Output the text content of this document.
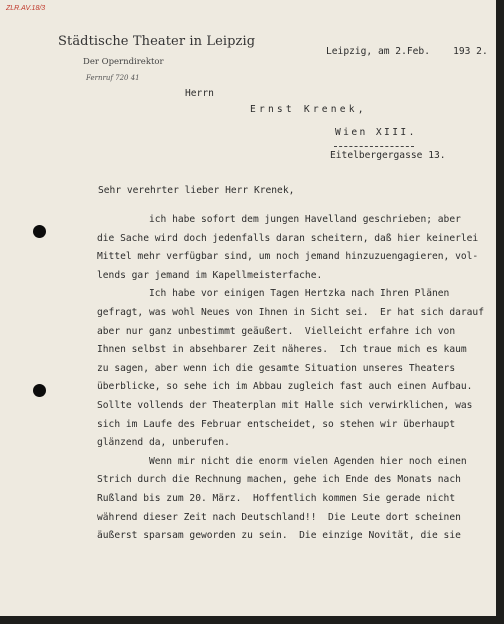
ZLR.AV.18/3
Städtische Theater in Leipzig
Der Operndirektor
Fernruf 720 41
Leipzig, am 2.Feb.    193 2.
Herrn
Ernst Krenek,
Wien XIII.
Eitelbergergasse 13.
Sehr verehrter lieber Herr Krenek,
ich habe sofort dem jungen Havelland geschrieben; aber
die Sache wird doch jedenfalls daran scheitern, daß hier keinerlei
Mittel mehr verfügbar sind, um noch jemand hinzuzuengagieren, vol-
lends gar jemand im Kapellmeisterfache.
Ich habe vor einigen Tagen Hertzka nach Ihren Plänen
gefragt, was wohl Neues von Ihnen in Sicht sei.  Er hat sich darauf
aber nur ganz unbestimmt geäußert.  Vielleicht erfahre ich von
Ihnen selbst in absehbarer Zeit näheres.  Ich traue mich es kaum
zu sagen, aber wenn ich die gesamte Situation unseres Theaters
überblicke, so sehe ich im Abbau zugleich fast auch einen Aufbau.
Sollte vollends der Theaterplan mit Halle sich verwirklichen, was
sich im Laufe des Februar entscheidet, so stehen wir überhaupt
glänzend da, unberufen.
Wenn mir nicht die enorm vielen Agenden hier noch einen
Strich durch die Rechnung machen, gehe ich Ende des Monats nach
Rußland bis zum 20. März.  Hoffentlich kommen Sie gerade nicht
während dieser Zeit nach Deutschland!!  Die Leute dort scheinen
äußerst sparsam geworden zu sein.  Die einzige Novität, die sie
